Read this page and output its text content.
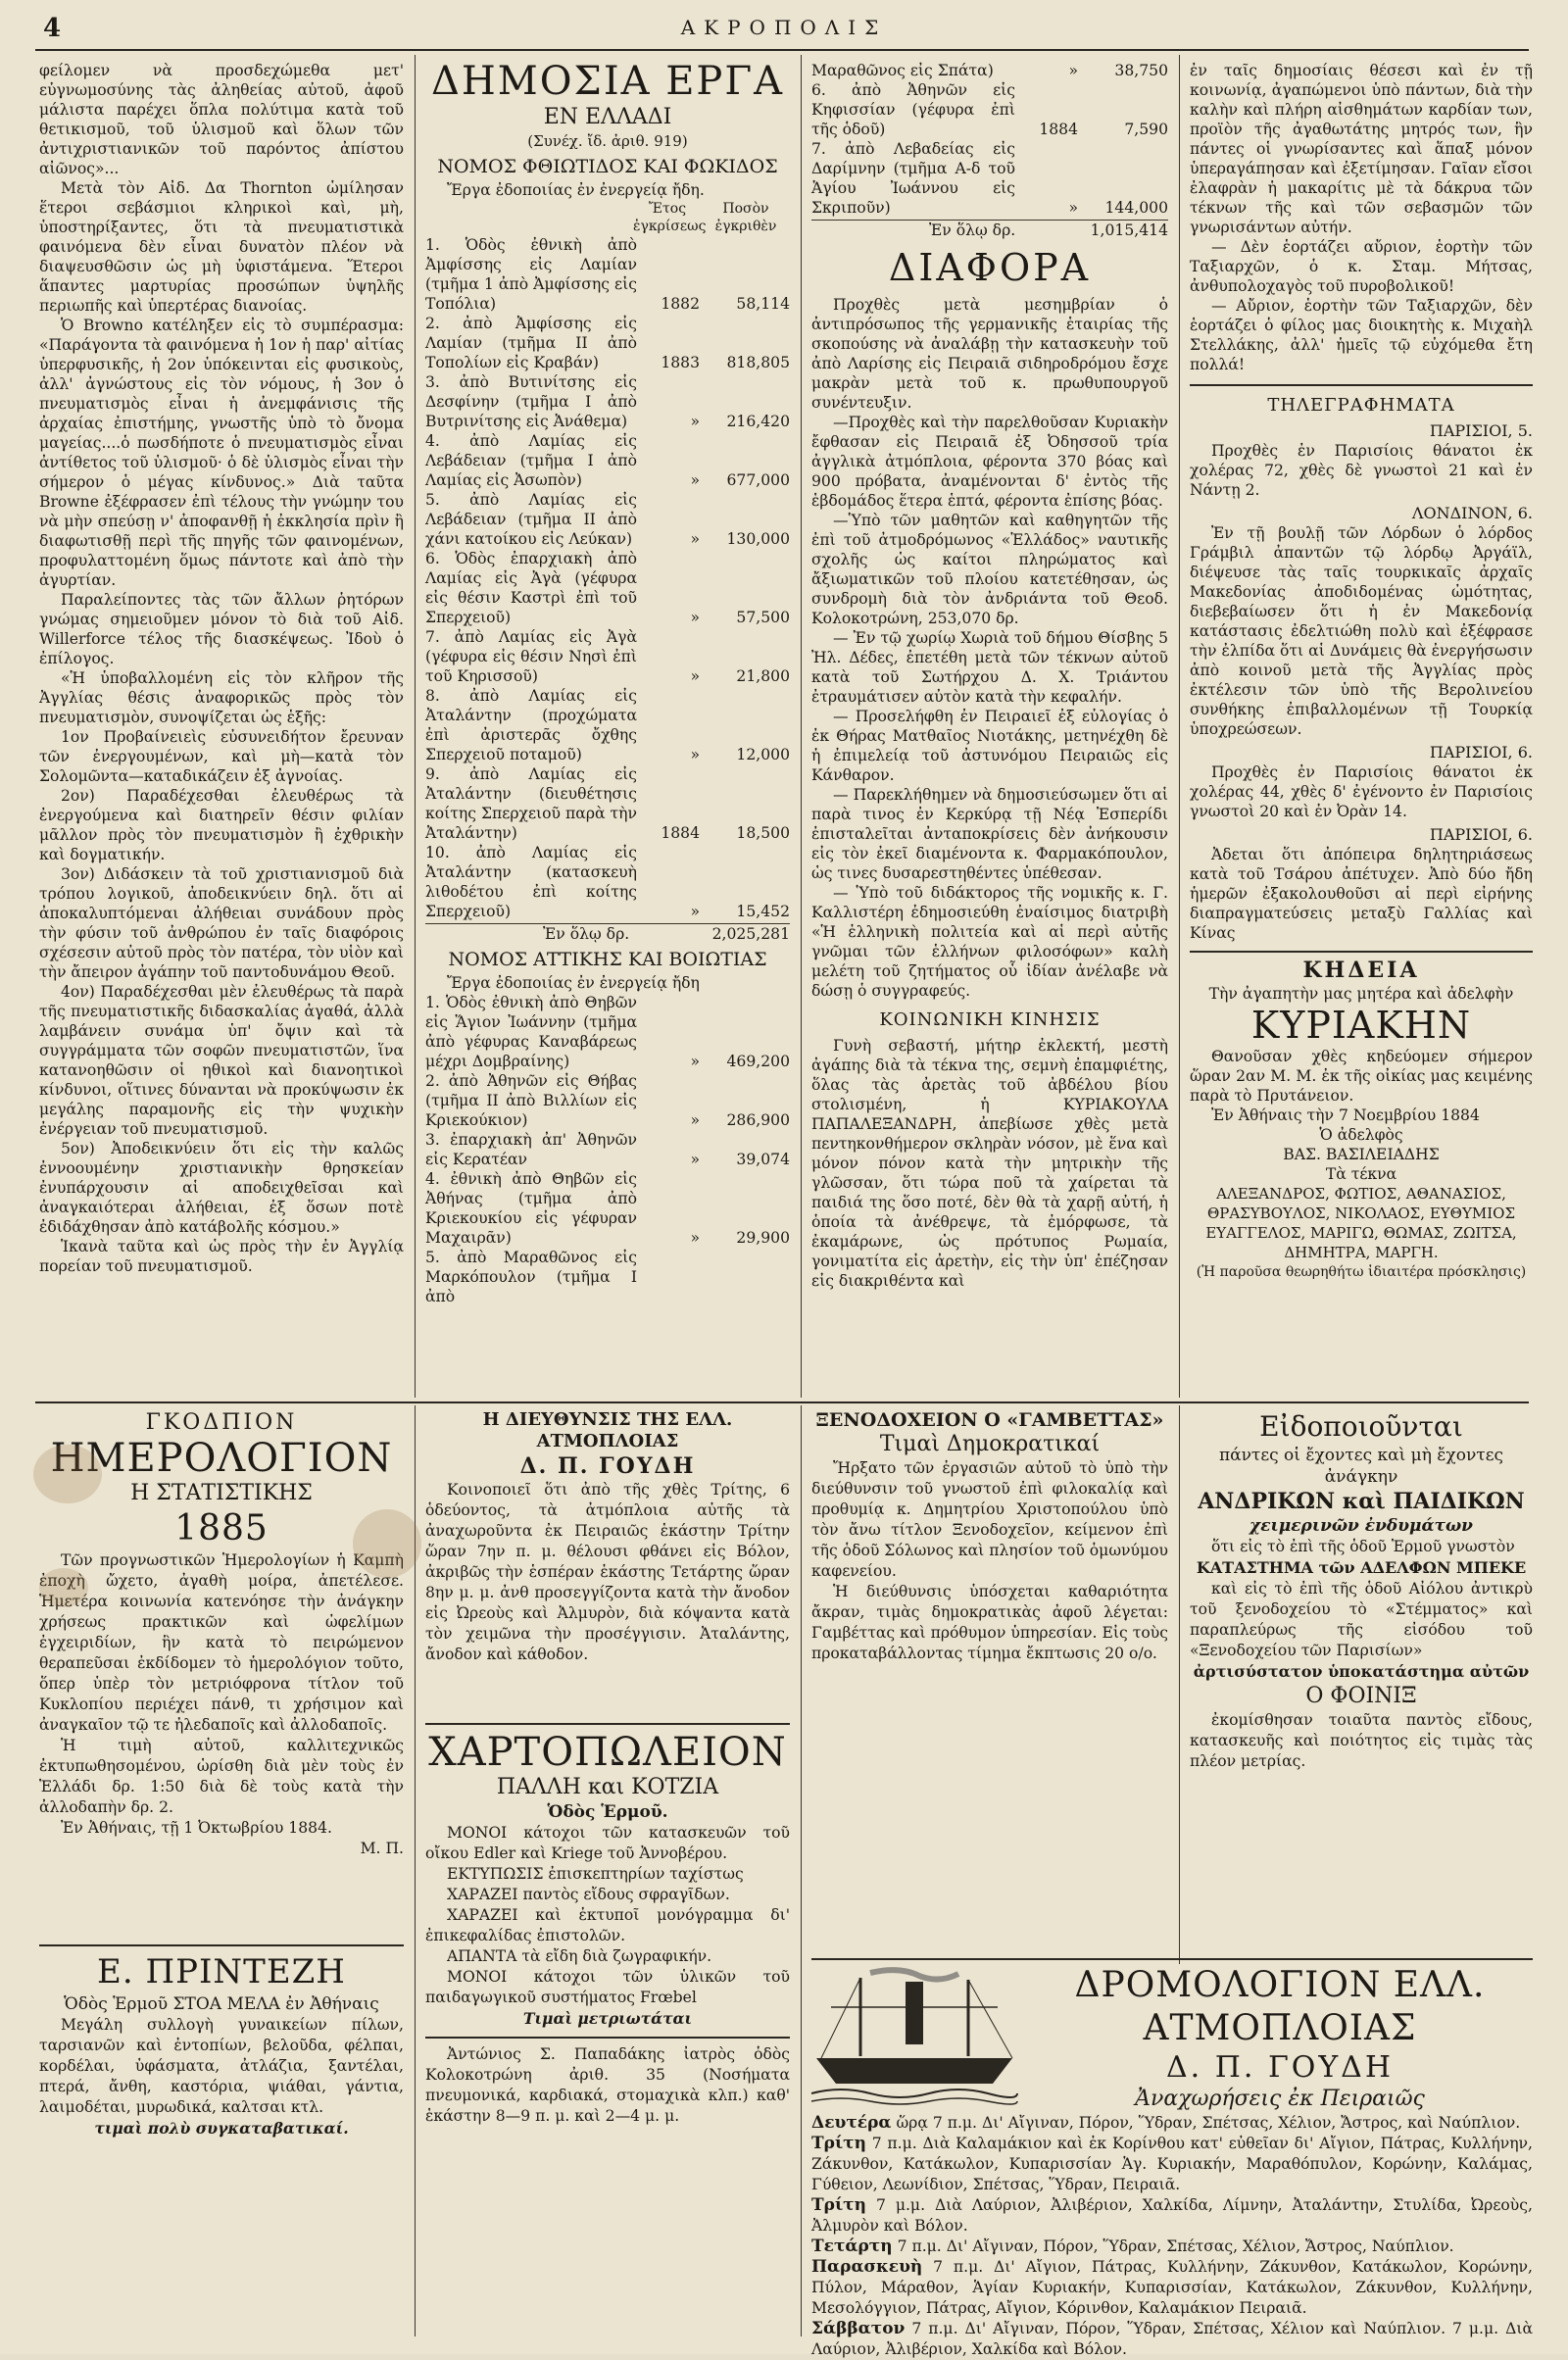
4	ΑΚΡΟΠΟΛΙΣ

φείλομεν νὰ προσδεχώμεθα μετ' εὐγνωμοσύνης τὰς ἀληθείας αὐτοῦ, ἀφοῦ μάλιστα παρέχει ὅπλα πολύτιμα κατὰ τοῦ θετικισμοῦ, τοῦ ὑλισμοῦ καὶ ὅλων τῶν ἀντιχριστιανικῶν τοῦ παρόντος ἀπίστου αἰῶνος»...

Μετὰ τὸν Αἰδ. Δα Thornton ὡμίλησαν ἕτεροι σεβάσμιοι κληρικοὶ καὶ, μὴ, ὑποστηρίξαντες, ὅτι τὰ πνευματιστικὰ φαινόμενα δὲν εἶναι δυνατὸν πλέον νὰ διαψευσθῶσιν ὡς μὴ ὑφιστάμενα. Ἕτεροι ἅπαντες μαρτυρίας προσώπων ὑψηλῆς περιωπῆς καὶ ὑπερτέρας διανοίας.

Ὁ Browno κατέληξεν εἰς τὸ συμπέρασμα: «Παράγοντα τὰ φαινόμενα ἡ 1ον ἡ παρ' αἰτίας ὑπερφυσικῆς, ἡ 2ον ὑπόκεινται εἰς φυσικοὺς, ἀλλ' ἀγνώστους εἰς τὸν νόμους, ἡ 3ον ὁ πνευματισμὸς εἶναι ἡ ἀνεμφάνισις τῆς ἀρχαίας ἐπιστήμης, γνωστῆς ὑπὸ τὸ ὄνομα μαγείας....ὁ πωσδήποτε ὁ πνευματισμὸς εἶναι ἀντίθετος τοῦ ὑλισμοῦ· ὁ δὲ ὑλισμὸς εἶναι τὴν σήμερον ὁ μέγας κίνδυνος.» Διὰ ταῦτα Browne ἐξέφρασεν ἐπὶ τέλους τὴν γνώμην του νὰ μὴν σπεύσῃ ν' ἀποφανθῇ ἡ ἐκκλησία πρὶν ἢ διαφωτισθῇ περὶ τῆς πηγῆς τῶν φαινομένων, προφυλαττομένη ὅμως πάντοτε καὶ ἀπὸ τὴν ἀγυρτίαν.

Παραλείποντες τὰς τῶν ἄλλων ῥητόρων γνώμας σημειοῦμεν μόνον τὸ διὰ τοῦ Αἰδ. Willerforce τέλος τῆς διασκέψεως. Ἰδοὺ ὁ ἐπίλογος.

«Ἡ ὑποβαλλομένη εἰς τὸν κλῆρον τῆς Ἀγγλίας θέσις ἀναφορικῶς πρὸς τὸν πνευματισμὸν, συνοψίζεται ὡς ἑξῆς:

1ον Προβαίνειεὶς εὐσυνειδήτον ἔρευναν τῶν ἐνεργουμένων, καὶ μὴ—κατὰ τὸν Σολομῶντα—καταδικάζειν ἐξ ἀγνοίας.

2ον) Παραδέχεσθαι ἐλευθέρως τὰ ἐνεργούμενα καὶ διατηρεῖν θέσιν φιλίαν μᾶλλον πρὸς τὸν πνευματισμὸν ἢ ἐχθρικὴν καὶ δογματικήν.

3ον) Διδάσκειν τὰ τοῦ χριστιανισμοῦ διὰ τρόπου λογικοῦ, ἀποδεικνύειν δηλ. ὅτι αἱ ἀποκαλυπτόμεναι ἀλήθειαι συνάδουν πρὸς τὴν φύσιν τοῦ ἀνθρώπου ἐν ταῖς διαφόροις σχέσεσιν αὐτοῦ πρὸς τὸν πατέρα, τὸν υἱὸν καὶ τὴν ἄπειρον ἀγάπην τοῦ παντοδυνάμου Θεοῦ.

4ον) Παραδέχεσθαι μὲν ἐλευθέρως τὰ παρὰ τῆς πνευματιστικῆς διδασκαλίας ἀγαθά, ἀλλὰ λαμβάνειν συνάμα ὑπ' ὄψιν καὶ τὰ συγγράμματα τῶν σοφῶν πνευματιστῶν, ἵνα κατανοηθῶσιν οἱ ηθικοὶ καὶ διανοητικοὶ κίνδυνοι, οἵτινες δύνανται νὰ προκύψωσιν ἐκ μεγάλης παραμονῆς εἰς τὴν ψυχικὴν ἐνέργειαν τοῦ πνευματισμοῦ.

5ον) Ἀποδεικνύειν ὅτι εἰς τὴν καλῶς ἐννοουμένην χριστιανικὴν θρησκείαν ἐνυπάρχουσιν αἱ αποδειχθεῖσαι καὶ ἀναγκαιότεραι ἀλήθειαι, ἐξ ὅσων ποτὲ ἐδιδάχθησαν ἀπὸ κατάβολῆς κόσμου.»

Ἱκανὰ ταῦτα καὶ ὡς πρὸς τὴν ἐν Ἀγγλίᾳ πορείαν τοῦ πνευματισμοῦ.

ΔΗΜΟΣΙΑ ΕΡΓΑ
ΕΝ ΕΛΛΑΔΙ
(Συνέχ. ἴδ. ἀριθ. 919)
ΝΟΜΟΣ ΦΘΙΩΤΙΔΟΣ ΚΑΙ ΦΩΚΙΔΟΣ

Ἔργα ἐδοποιίας ἐν ἐνεργείᾳ ἤδη.

Ἔτος ἐγκρίσεως
Ποσὸν ἐγκριθὲν
1. Ὁδὸς ἐθνικὴ ἀπὸ Ἀμφίσσης εἰς Λαμίαν (τμῆμα 1 ἀπὸ Ἀμφίσσης εἰς Τοπόλια)	1882	58,114
2. ἀπὸ Ἀμφίσσης εἰς Λαμίαν (τμῆμα ΙΙ ἀπὸ Τοπολίων εἰς Κραβάν)	1883	818,805
3. ἀπὸ Βυτινίτσης εἰς Δεσφίνην (τμῆμα Ι ἀπὸ Βυτρινίτσης εἰς Ἀνάθεμα)	»	216,420
4. ἀπὸ Λαμίας εἰς Λεβάδειαν (τμῆμα Ι ἀπὸ Λαμίας εἰς Ἀσωπὸν)	»	677,000
5. ἀπὸ Λαμίας εἰς Λεβάδειαν (τμῆμα ΙΙ ἀπὸ χάνι κατοίκου εἰς Λεύκαν)	»	130,000
6. Ὁδὸς ἐπαρχιακὴ ἀπὸ Λαμίας εἰς Ἀγὰ (γέφυρα εἰς θέσιν Καστρὶ ἐπὶ τοῦ Σπερχειοῦ)	»	57,500
7. ἀπὸ Λαμίας εἰς Ἀγὰ (γέφυρα εἰς θέσιν Νησὶ ἐπὶ τοῦ Κηρισσοῦ)	»	21,800
8. ἀπὸ Λαμίας εἰς Ἀταλάντην (προχώματα ἐπὶ ἀριστερᾶς ὄχθης Σπερχειοῦ ποταμοῦ)	»	12,000
9. ἀπὸ Λαμίας εἰς Ἀταλάντην (διευθέτησις κοίτης Σπερχειοῦ παρὰ τὴν Ἀταλάντην)	1884	18,500
10. ἀπὸ Λαμίας εἰς Ἀταλάντην (κατασκευὴ λιθοδέτου ἐπὶ κοίτης Σπερχειοῦ)	»	15,452
Ἐν ὅλῳ δρ.	2,025,281
ΝΟΜΟΣ ΑΤΤΙΚΗΣ ΚΑΙ ΒΟΙΩΤΙΑΣ

Ἔργα ἐδοποιίας ἐν ἐνεργείᾳ ἤδη

1. Ὁδὸς ἐθνικὴ ἀπὸ Θηβῶν εἰς Ἅγιον Ἰωάννην (τμῆμα ἀπὸ γέφυρας Καναβάρεως μέχρι Δομβραίνης)	»	469,200
2. ἀπὸ Ἀθηνῶν εἰς Θήβας (τμῆμα ΙΙ ἀπὸ Βιλλίων εἰς Κριεκούκιον)	»	286,900
3. ἐπαρχιακὴ ἀπ' Ἀθηνῶν εἰς Κερατέαν	»	39,074
4. ἐθνικὴ ἀπὸ Θηβῶν εἰς Ἀθήνας (τμῆμα ἀπὸ Κριεκουκίου εἰς γέφυραν Μαχαιρᾶν)	»	29,900
5. ἀπὸ Μαραθῶνος εἰς Μαρκόπουλον (τμῆμα Ι ἀπὸ
Μαραθῶνος εἰς Σπάτα)	»	38,750
6. ἀπὸ Ἀθηνῶν εἰς Κηφισσίαν (γέφυρα ἐπὶ τῆς ὁδοῦ)	1884	7,590
7. ἀπὸ Λεβαδείας εἰς Δαρίμνην (τμῆμα Α-δ τοῦ Ἁγίου Ἰωάννου εἰς Σκριποῦν)	»	144,000
Ἐν ὅλῳ δρ.	1,015,414
ΔΙΑΦΟΡΑ

Προχθὲς μετὰ μεσημβρίαν ὁ ἀντιπρόσωπος τῆς γερμανικῆς ἑταιρίας τῆς σκοπούσης νὰ ἀναλάβῃ τὴν κατασκευὴν τοῦ ἀπὸ Λαρίσης εἰς Πειραιᾶ σιδηροδρόμου ἔσχε μακρὰν μετὰ τοῦ κ. πρωθυπουργοῦ συνέντευξιν.

—Προχθὲς καὶ τὴν παρελθοῦσαν Κυριακὴν ἔφθασαν εἰς Πειραιᾶ ἐξ Ὀδησσοῦ τρία ἀγγλικὰ ἀτμόπλοια, φέροντα 370 βόας καὶ 900 πρόβατα, ἀναμένονται δ' ἐντὸς τῆς ἑβδομάδος ἕτερα ἑπτά, φέροντα ἐπίσης βόας.

—Ὑπὸ τῶν μαθητῶν καὶ καθηγητῶν τῆς ἐπὶ τοῦ ἀτμοδρόμωνος «Ἑλλάδος» ναυτικῆς σχολῆς ὡς καίτοι πληρώματος καὶ ἄξιωματικῶν τοῦ πλοίου κατετέθησαν, ὡς συνδρομὴ διὰ τὸν ἀνδριάντα τοῦ Θεοδ. Κολοκοτρώνη, 253,070 δρ.

— Ἐν τῷ χωρίῳ Χωριὰ τοῦ δήμου Θίσβης 5 Ἠλ. Δέδες, ἐπετέθη μετὰ τῶν τέκνων αὐτοῦ κατὰ τοῦ Σωτήρχου Δ. Χ. Τριάντου ἐτραυμάτισεν αὐτὸν κατὰ τὴν κεφαλήν.

— Προσελήφθη ἐν Πειραιεῖ ἐξ εὐλογίας ὁ ἐκ Θήρας Ματθαῖος Νιοτάκης, μετηνέχθη δὲ ἡ ἐπιμελείᾳ τοῦ ἀστυνόμου Πειραιῶς εἰς Κάνθαρον.

— Παρεκλήθημεν νὰ δημοσιεύσωμεν ὅτι αἱ παρὰ τινος ἐν Κερκύρᾳ τῇ Νέᾳ Ἐσπερίδι ἐπισταλεῖται ἀνταποκρίσεις δὲν ἀνήκουσιν εἰς τὸν ἐκεῖ διαμένοντα κ. Φαρμακόπουλον, ὡς τινες δυσαρεστηθέντες ὑπέθεσαν.

— Ὑπὸ τοῦ διδάκτορος τῆς νομικῆς κ. Γ. Καλλιστέρη ἐδημοσιεύθη ἐναίσιμος διατριβὴ «Ἡ ἑλληνικὴ πολιτεία καὶ αἱ περὶ αὐτῆς γνῶμαι τῶν ἑλλήνων φιλοσόφων» καλὴ μελέτη τοῦ ζητήματος οὗ ἰδίαν ἀνέλαβε νὰ δώσῃ ὁ συγγραφεύς.

ΚΟΙΝΩΝΙΚΗ ΚΙΝΗΣΙΣ

Γυνὴ σεβαστή, μήτηρ ἐκλεκτή, μεστὴ ἀγάπης διὰ τὰ τέκνα της, σεμνὴ ἐπαμφιέτης, ὅλας τὰς ἀρετὰς τοῦ ἀβδέλου βίου στολισμένη, ἡ ΚΥΡΙΑΚΟΥΛΑ ΠΑΠΑΛΕΞΑΝΔΡΗ, ἀπεβίωσε χθὲς μετὰ πεντηκονθήμερον σκληρὰν νόσον, μὲ ἕνα καὶ μόνον πόνον κατὰ τὴν μητρικὴν τῆς γλῶσσαν, ὅτι τώρα ποῦ τὰ χαίρεται τὰ παιδιά της ὅσο ποτέ, δὲν θὰ τὰ χαρῇ αὐτή, ἡ ὁποία τὰ ἀνέθρεψε, τὰ ἐμόρφωσε, τὰ ἐκαμάρωνε, ὡς πρότυπος Ρωμαία, γονιματίτα εἰς ἀρετὴν, εἰς τὴν ὑπ' ἐπέζησαν εἰς διακριθέντα καὶ

ἐν ταῖς δημοσίαις θέσεσι καὶ ἐν τῇ κοινωνίᾳ, ἀγαπώμενοι ὑπὸ πάντων, διὰ τὴν καλὴν καὶ πλήρη αἰσθημάτων καρδίαν των, προϊὸν τῆς ἀγαθωτάτης μητρός των, ἣν πάντες οἱ γνωρίσαντες καὶ ἅπαξ μόνον ὑπεραγάπησαν καὶ ἐξετίμησαν. Γαῖαν εἴσοι ἐλαφρὰν ἡ μακαρίτις μὲ τὰ δάκρυα τῶν τέκνων τῆς καὶ τῶν σεβασμῶν τῶν γνωρισάντων αὐτήν.

— Δὲν ἑορτάζει αὔριον, ἑορτὴν τῶν Ταξιαρχῶν, ὁ κ. Σταμ. Μήτσας, ἀνθυπολοχαγὸς τοῦ πυροβολικοῦ!

— Αὔριον, ἑορτὴν τῶν Ταξιαρχῶν, δὲν ἑορτάζει ὁ φίλος μας διοικητὴς κ. Μιχαὴλ Στελλάκης, ἀλλ' ἡμεῖς τῷ εὐχόμεθα ἔτη πολλά!

ΤΗΛΕΓΡΑΦΗΜΑΤΑ

ΠΑΡΙΣΙΟΙ, 5.

Προχθὲς ἐν Παρισίοις θάνατοι ἐκ χολέρας 72, χθὲς δὲ γνωστοὶ 21 καὶ ἐν Νάντῃ 2.

ΛΟΝΔΙΝΟΝ, 6.

Ἐν τῇ βουλῇ τῶν Λόρδων ὁ λόρδος Γράμβιλ ἀπαντῶν τῷ λόρδῳ Ἀργάϊλ, διέψευσε τὰς ταῖς τουρκικαῖς ἀρχαῖς Μακεδονίας ἀποδιδομένας ὠμότητας, διεβεβαίωσεν ὅτι ἡ ἐν Μακεδονίᾳ κατάστασις ἐδελτιώθη πολὺ καὶ ἐξέφρασε τὴν ἐλπίδα ὅτι αἱ Δυνάμεις θὰ ἐνεργήσωσιν ἀπὸ κοινοῦ μετὰ τῆς Ἀγγλίας πρὸς ἐκτέλεσιν τῶν ὑπὸ τῆς Βερολινείου συνθήκης ἐπιβαλλομένων τῇ Τουρκίᾳ ὑποχρεώσεων.

ΠΑΡΙΣΙΟΙ, 6.

Προχθὲς ἐν Παρισίοις θάνατοι ἐκ χολέρας 44, χθὲς δ' ἐγένοντο ἐν Παρισίοις γνωστοὶ 20 καὶ ἐν Ὀρὰν 14.

ΠΑΡΙΣΙΟΙ, 6.

Ἀδεται ὅτι ἀπόπειρα δηλητηριάσεως κατὰ τοῦ Τσάρου ἀπέτυχεν. Ἀπὸ δύο ἤδη ἡμερῶν ἐξακολουθοῦσι αἱ περὶ εἰρήνης διαπραγματεύσεις μεταξὺ Γαλλίας καὶ Κίνας

ΚΗΔΕΙΑ

Τὴν ἀγαπητὴν μας μητέρα καὶ ἀδελφὴν

ΚΥΡΙΑΚΗΝ

Θανοῦσαν χθὲς κηδεύομεν σήμερον ὥραν 2αν Μ. Μ. ἐκ τῆς οἰκίας μας κειμένης παρὰ τὸ Πρυτάνειον.

Ἐν Ἀθήναις τὴν 7 Νοεμβρίου 1884

Ὁ ἀδελφὸς

ΒΑΣ. ΒΑΣΙΛΕΙΑΔΗΣ

Τὰ τέκνα

ΑΛΕΞΑΝΔΡΟΣ, ΦΩΤΙΟΣ, ΑΘΑΝΑΣΙΟΣ, ΘΡΑΣΥΒΟΥΛΟΣ, ΝΙΚΟΛΑΟΣ, ΕΥΘΥΜΙΟΣ ΕΥΑΓΓΕΛΟΣ, ΜΑΡΙΓΩ, ΘΩΜΑΣ, ΖΩΙΤΣΑ, ΔΗΜΗΤΡΑ, ΜΑΡΓΗ.

(Ἡ παροῦσα θεωρηθήτω ἰδιαιτέρα πρόσκλησις)

ΓΚΟΔΠΙΟΝ
ΗΜΕΡΟΛΟΓΙΟΝ
Η ΣΤΑΤΙΣΤΙΚΗΣ
1885

Τῶν προγνωστικῶν Ἡμερολογίων ἡ Καμπὴ ἐποχὴ ὤχετο, ἀγαθὴ μοίρα, ἀπετέλεσε. Ἡμετέρα κοινωνία κατενόησε τὴν ἀνάγκην χρήσεως πρακτικῶν καὶ ὠφελίμων ἐγχειριδίων, ἣν κατὰ τὸ πειρώμενον θεραπεῦσαι ἐκδίδομεν τὸ ἡμερολόγιον τοῦτο, ὅπερ ὑπὲρ τὸν μετριόφρονα τίτλον τοῦ Κυκλοπίου περιέχει πάνθ, τι χρήσιμον καὶ ἀναγκαῖον τῷ τε ἠλεδαποῖς καὶ ἀλλοδαποῖς.

Ἡ τιμὴ αὐτοῦ, καλλιτεχνικῶς ἐκτυπωθησομένου, ὡρίσθη διὰ μὲν τοὺς ἐν Ἑλλάδι δρ. 1:50 διὰ δὲ τοὺς κατὰ τὴν ἀλλοδαπὴν δρ. 2.

Ἐν Ἀθήναις, τῇ 1 Ὀκτωβρίου 1884.

Μ. Π.

Ε. ΠΡΙΝΤΕΖΗ
Ὁδὸς Ἑρμοῦ ΣΤΟΑ ΜΕΛΑ ἐν Ἀθήναις

Μεγάλη συλλογὴ γυναικείων πίλων, ταρσιανῶν καὶ ἐντοπίων, βελοῦδα, φέλπαι, κορδέλαι, ὑφάσματα, ἀτλάζια, ξαντέλαι, πτερά, ἄνθη, καστόρια, ψιάθαι, γάντια, λαιμοδέται, μυρωδικά, καλτσαι κτλ.

τιμαὶ πολὺ συγκαταβατικαί.

Η ΔΙΕΥΘΥΝΣΙΣ ΤΗΣ ΕΛΛ. ΑΤΜΟΠΛΟΙΑΣ
Δ. Π. ΓΟΥΔΗ

Κοινοποιεῖ ὅτι ἀπὸ τῆς χθὲς Τρίτης, 6 ὁδεύοντος, τὰ ἀτμόπλοια αὐτῆς τὰ ἀναχωροῦντα ἐκ Πειραιῶς ἑκάστην Τρίτην ὥραν 7ην π. μ. θέλουσι φθάνει εἰς Βόλον, ἀκριβῶς τὴν ἑσπέραν ἑκάστης Τετάρτης ὥραν 8ην μ. μ. ἀνθ προσεγγίζοντα κατὰ τὴν ἄνοδον εἰς Ὠρεοὺς καὶ Ἀλμυρὸν, διὰ κόψαντα κατὰ τὸν χειμῶνα τὴν προσέγγισιν. Ἀταλάντης, ἄνοδον καὶ κάθοδον.

ΧΑΡΤΟΠΩΛΕΙΟΝ
ΠΑΛΛΗ και ΚΟΤΖΙΑ
Ὁδὸς Ἑρμοῦ.

ΜΟΝΟΙ κάτοχοι τῶν κατασκευῶν τοῦ οἴκου Edler καὶ Kriege τοῦ Ἀννοβέρου.

ΕΚΤΥΠΩΣΙΣ ἐπισκεπτηρίων ταχίστως

ΧΑΡΑΖΕΙ παντὸς εἴδους σφραγῖδων.

ΧΑΡΑΖΕΙ καὶ ἐκτυποῖ μονόγραμμα δι' ἐπικεφαλίδας ἐπιστολῶν.

ΑΠΑΝΤΑ τὰ εἴδη διὰ ζωγραφικήν.

ΜΟΝΟΙ κάτοχοι τῶν ὑλικῶν τοῦ παιδαγωγικοῦ συστήματος Frœbel

Τιμαὶ μετριωτάται

Ἀντώνιος Σ. Παπαδάκης ἰατρὸς ὁδὸς Κολοκοτρώνη ἀριθ. 35 (Νοσήματα πνευμονικά, καρδιακά, στομαχικὰ κλπ.) καθ' ἑκάστην 8—9 π. μ. καὶ 2—4 μ. μ.

ΞΕΝΟΔΟΧΕΙΟΝ Ο «ΓΑΜΒΕΤΤΑΣ»
Τιμαὶ Δημοκρατικαί

Ἤρξατο τῶν ἐργασιῶν αὐτοῦ τὸ ὑπὸ τὴν διεύθυνσιν τοῦ γνωστοῦ ἐπὶ φιλοκαλίᾳ καὶ προθυμίᾳ κ. Δημητρίου Χριστοπούλου ὑπὸ τὸν ἄνω τίτλον Ξενοδοχεῖον, κείμενον ἐπὶ τῆς ὁδοῦ Σόλωνος καὶ πλησίον τοῦ ὁμωνύμου καφενείου.

Ἡ διεύθυνσις ὑπόσχεται καθαριότητα ἄκραν, τιμὰς δημοκρατικὰς ἀφοῦ λέγεται: Γαμβέττας καὶ πρόθυμον ὑπηρεσίαν. Εἰς τοὺς προκαταβάλλοντας τίμημα ἔκπτωσις 20 o/o.

Εἰδοποιοῦνται
πάντες οἱ ἔχοντες καὶ μὴ ἔχοντες ἀνάγκην
ΑΝΔΡΙΚΩΝ καὶ ΠΑΙΔΙΚΩΝ
χειμερινῶν ἐνδυμάτων

ὅτι εἰς τὸ ἐπὶ τῆς ὁδοῦ Ἑρμοῦ γνωστὸν

ΚΑΤΑΣΤΗΜΑ τῶν ΑΔΕΛΦΩΝ ΜΠΕΚΕ

καὶ εἰς τὸ ἐπὶ τῆς ὁδοῦ Αἰόλου ἀντικρὺ τοῦ ξενοδοχείου τὸ «Στέμματος» καὶ παραπλεύρως τῆς εἰσόδου τοῦ «Ξενοδοχείου τῶν Παρισίων»

ἀρτισύστατον ὑποκατάστημα αὐτῶν
Ο ΦΟΙΝΙΞ

ἐκομίσθησαν τοιαῦτα παντὸς εἴδους, κατασκευῆς καὶ ποιότητος εἰς τιμὰς τὰς πλέον μετρίας.

ΔΡΟΜΟΛΟΓΙΟΝ ΕΛΛ. ΑΤΜΟΠΛΟΙΑΣ
Δ. Π. ΓΟΥΔΗ
Ἀναχωρήσεις ἐκ Πειραιῶς

Δευτέρα ὥρᾳ 7 π.μ. Δι' Αἴγιναν, Πόρον, Ὕδραν, Σπέτσας, Χέλιον, Ἄστρος, καὶ Ναύπλιον.

Τρίτη 7 π.μ. Διὰ Καλαμάκιον καὶ ἐκ Κορίνθου κατ' εὐθεῖαν δι' Αἴγιον, Πάτρας, Κυλλήνην, Ζάκυνθον, Κατάκωλον, Κυπαρισσίαν Ἁγ. Κυριακήν, Μαραθόπυλον, Κορώνην, Καλάμας, Γύθειον, Λεωνίδιον, Σπέτσας, Ὕδραν, Πειραιᾶ.

Τρίτη 7 μ.μ. Διὰ Λαύριον, Ἀλιβέριον, Χαλκίδα, Λίμνην, Ἀταλάντην, Στυλίδα, Ὠρεοὺς, Ἀλμυρὸν καὶ Βόλον.

Τετάρτη 7 π.μ. Δι' Αἴγιναν, Πόρον, Ὕδραν, Σπέτσας, Χέλιον, Ἄστρος, Ναύπλιον.

Παρασκευὴ 7 π.μ. Δι' Αἴγιον, Πάτρας, Κυλλήνην, Ζάκυνθον, Κατάκωλον, Κορώνην, Πύλον, Μάραθον, Ἁγίαν Κυριακήν, Κυπαρισσίαν, Κατάκωλον, Ζάκυνθον, Κυλλήνην, Μεσολόγγιον, Πάτρας, Αἴγιον, Κόρινθον, Καλαμάκιον Πειραιᾶ.

Σάββατον 7 π.μ. Δι' Αἴγιναν, Πόρον, Ὕδραν, Σπέτσας, Χέλιον καὶ Ναύπλιον. 7 μ.μ. Διὰ Λαύριον, Ἀλιβέριον, Χαλκίδα καὶ Βόλον.
